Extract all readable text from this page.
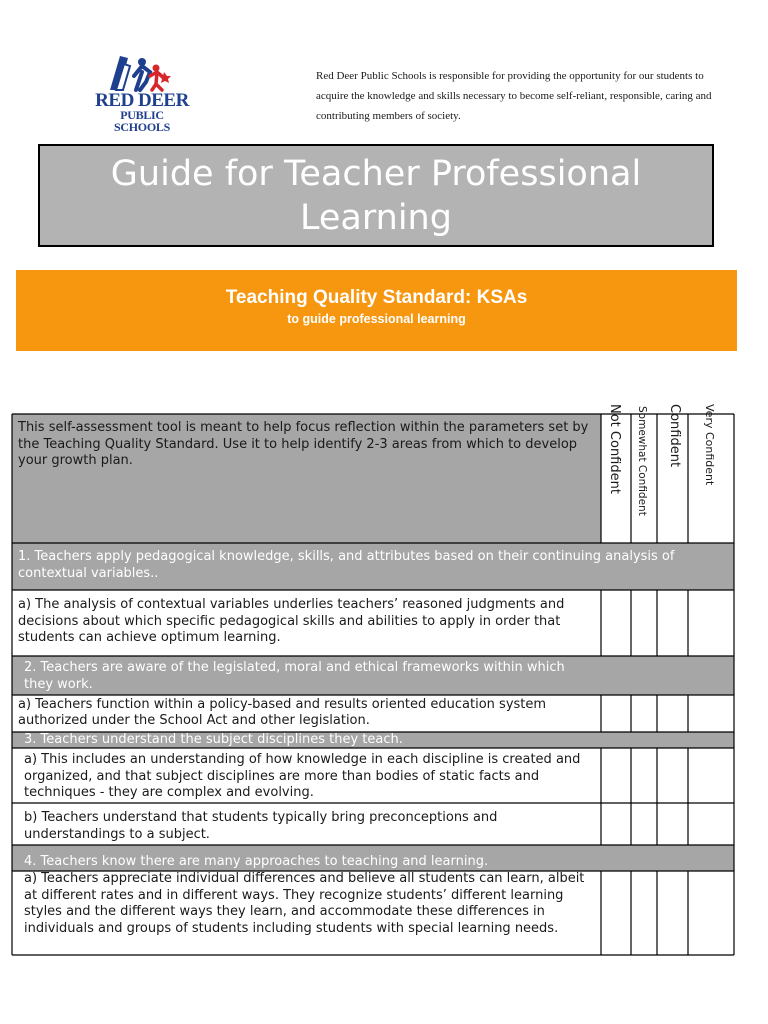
RED DEER
PUBLIC SCHOOLS
Red Deer Public Schools is responsible for providing the opportunity for our students to acquire the knowledge and skills necessary to become self-reliant, responsible, caring and contributing members of society.
Guide for Teacher Professional
Learning
Teaching Quality Standard: KSAs
to guide professional learning
This self-assessment tool is meant to help focus reflection within the parameters set by the Teaching Quality Standard. Use it to help identify 2-3 areas from which to develop your growth plan.	Not Confident Somewhat Confident Confident Very Confident
1. Teachers apply pedagogical knowledge, skills, and attributes based on their continuing analysis of contextual variables..
a) The analysis of contextual variables underlies teachers’ reasoned judgments and decisions about which specific pedagogical skills and abilities to apply in order that students can achieve optimum learning.
2. Teachers are aware of the legislated, moral and ethical frameworks within which they work.
a) Teachers function within a policy-based and results oriented education system authorized under the School Act and other legislation.
3. Teachers understand the subject disciplines they teach.
a) This includes an understanding of how knowledge in each discipline is created and organized, and that subject disciplines are more than bodies of static facts and techniques - they are complex and evolving.
b) Teachers understand that students typically bring preconceptions and understandings to a subject.
4. Teachers know there are many approaches to teaching and learning.
a) Teachers appreciate individual differences and believe all students can learn, albeit at different rates and in different ways. They recognize students’ different learning styles and the different ways they learn, and accommodate these differences in individuals and groups of students including students with special learning needs.
